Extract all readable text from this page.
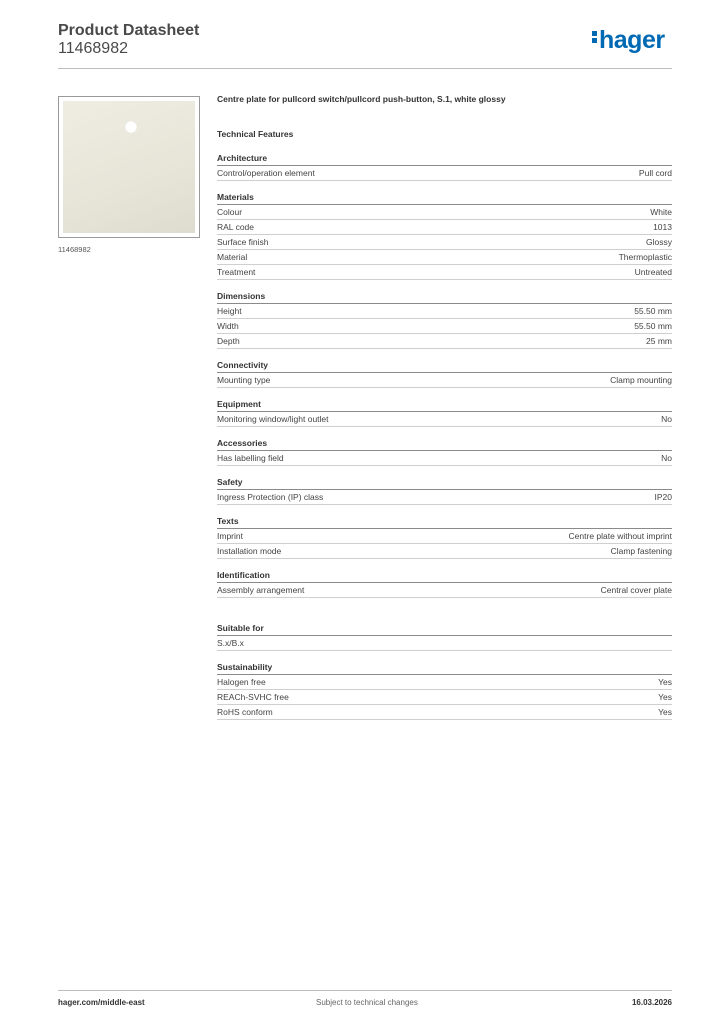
Product Datasheet
11468982	hager
11468982
Centre plate for pullcord switch/pullcord push-button, S.1, white glossy
Technical Features
Architecture
Control/operation element	Pull cord
Materials
Colour	White
RAL code	1013
Surface finish	Glossy
Material	Thermoplastic
Treatment	Untreated
Dimensions
Height	55.50 mm
Width	55.50 mm
Depth	25 mm
Connectivity
Mounting type	Clamp mounting
Equipment
Monitoring window/light outlet	No
Accessories
Has labelling field	No
Safety
Ingress Protection (IP) class	IP20
Texts
Imprint	Centre plate without imprint
Installation mode	Clamp fastening
Identification
Assembly arrangement	Central cover plate
Suitable for
S.x/B.x
Sustainability
Halogen free	Yes
REACh-SVHC free	Yes
RoHS conform	Yes
hager.com/middle-east	Subject to technical changes	16.03.2026
